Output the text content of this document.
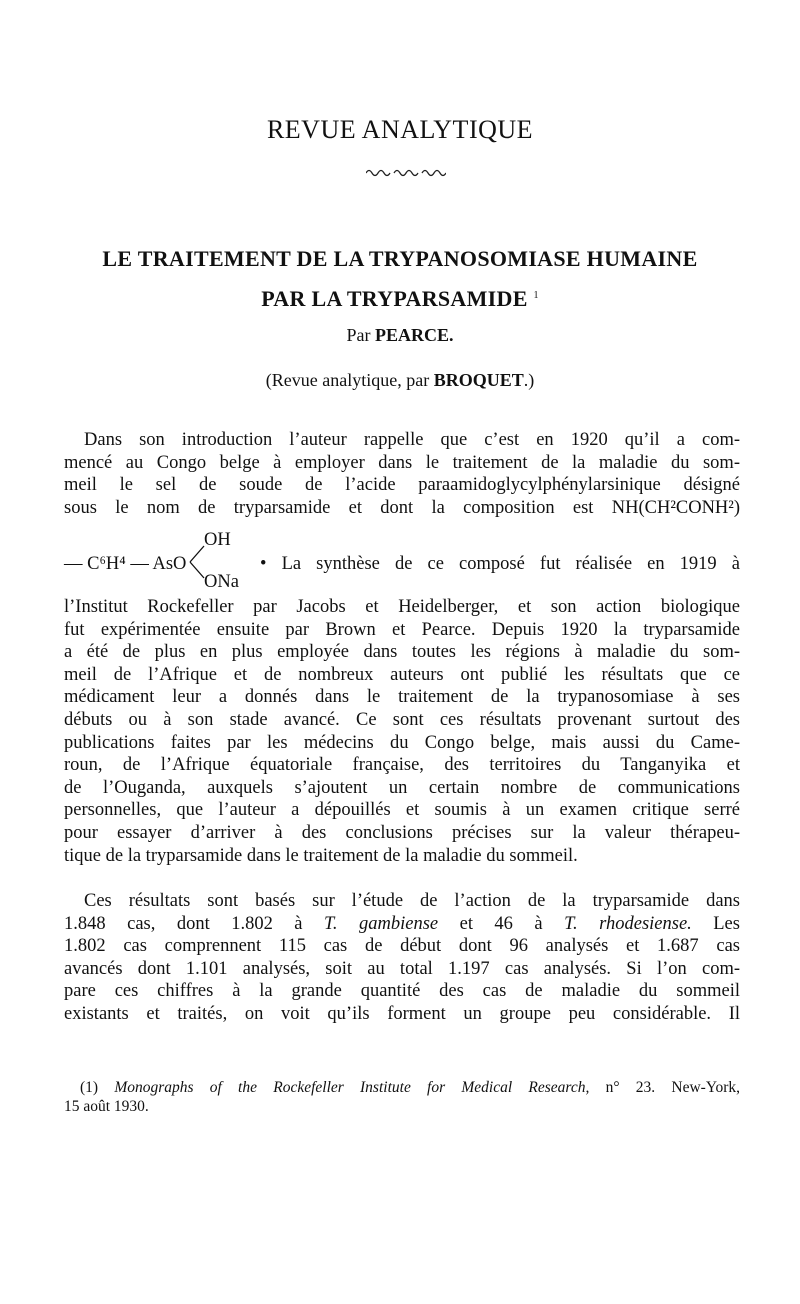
REVUE ANALYTIQUE
LE TRAITEMENT DE LA TRYPANOSOMIASE HUMAINE
PAR LA TRYPARSAMIDE $^1$
Par PEARCE.
(Revue analytique, par BROQUET.)
Dans son introduction l’auteur rappelle que c’est en 1920 qu’il a com-
mencé au Congo belge à employer dans le traitement de la maladie du som-
meil le sel de soude de l’acide paraamidoglycylphénylarsinique désigné
sous le nom de tryparsamide et dont la composition est NH(CH²CONH²)
— C⁶H⁴ — AsO
OH
ONa
• La synthèse de ce composé fut réalisée en 1919 à
l’Institut Rockefeller par Jacobs et Heidelberger, et son action biologique
fut expérimentée ensuite par Brown et Pearce. Depuis 1920 la tryparsamide
a été de plus en plus employée dans toutes les régions à maladie du som-
meil de l’Afrique et de nombreux auteurs ont publié les résultats que ce
médicament leur a donnés dans le traitement de la trypanosomiase à ses
débuts ou à son stade avancé. Ce sont ces résultats provenant surtout des
publications faites par les médecins du Congo belge, mais aussi du Came-
roun, de l’Afrique équatoriale française, des territoires du Tanganyika et
de l’Ouganda, auxquels s’ajoutent un certain nombre de communications
personnelles, que l’auteur a dépouillés et soumis à un examen critique serré
pour essayer d’arriver à des conclusions précises sur la valeur thérapeu-
tique de la tryparsamide dans le traitement de la maladie du sommeil.
Ces résultats sont basés sur l’étude de l’action de la tryparsamide dans
1.848 cas, dont 1.802 à T. gambiense et 46 à T. rhodesiense. Les
1.802 cas comprennent 115 cas de début dont 96 analysés et 1.687 cas
avancés dont 1.101 analysés, soit au total 1.197 cas analysés. Si l’on com-
pare ces chiffres à la grande quantité des cas de maladie du sommeil
existants et traités, on voit qu’ils forment un groupe peu considérable. Il
(1) Monographs of the Rockefeller Institute for Medical Research, n° 23. New-York,
15 août 1930.
